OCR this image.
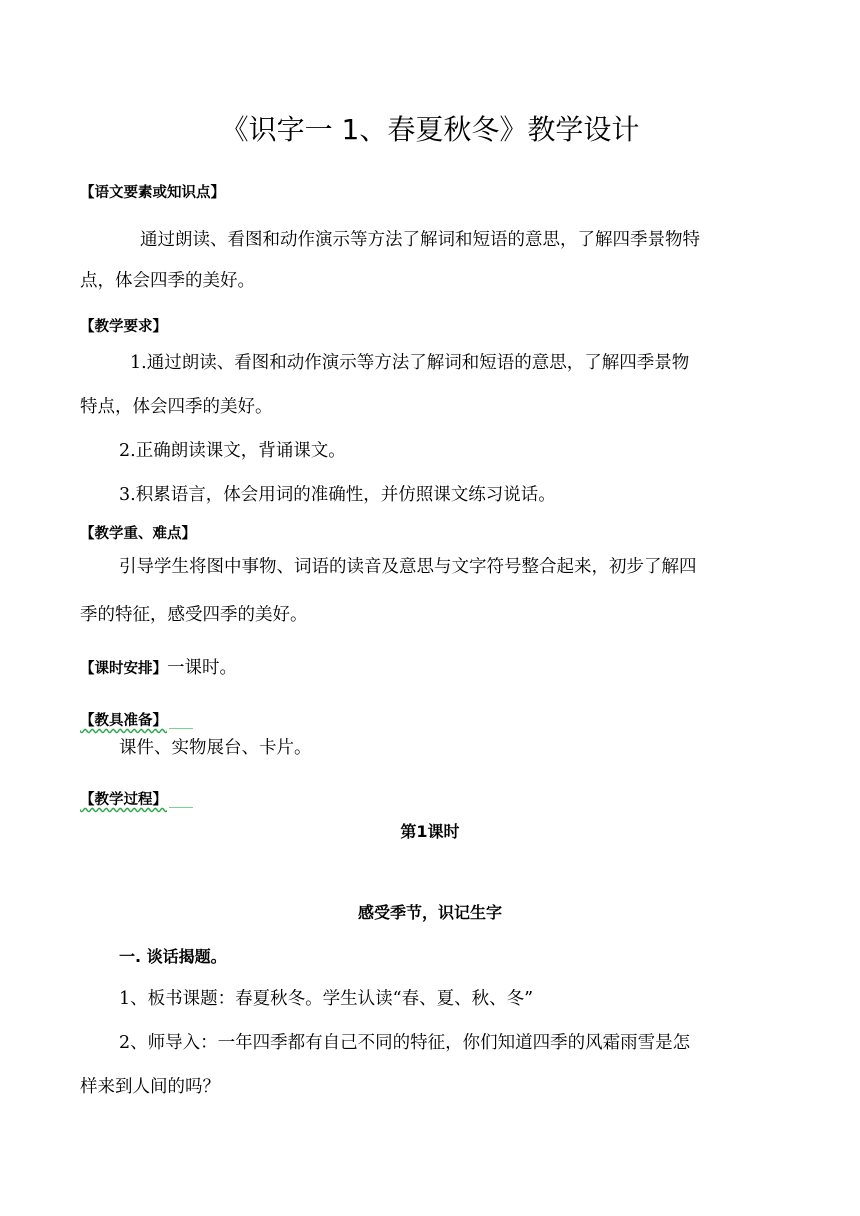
《识字一 1、春夏秋冬》教学设计
【语文要素或知识点】
通过朗读、看图和动作演示等方法了解词和短语的意思，了解四季景物特
点，体会四季的美好。
【教学要求】
1.通过朗读、看图和动作演示等方法了解词和短语的意思，了解四季景物
特点，体会四季的美好。
2.正确朗读课文，背诵课文。
3.积累语言，体会用词的准确性，并仿照课文练习说话。
【教学重、难点】
引导学生将图中事物、词语的读音及意思与文字符号整合起来，初步了解四
季的特征，感受四季的美好。
【课时安排】一课时。
【教具准备】
课件、实物展台、卡片。
【教学过程】
第1课时
感受季节，识记生字
一. 谈话揭题。
1、板书课题：春夏秋冬。学生认读“春、夏、秋、冬”
2、师导入：一年四季都有自己不同的特征，你们知道四季的风霜雨雪是怎
样来到人间的吗？
